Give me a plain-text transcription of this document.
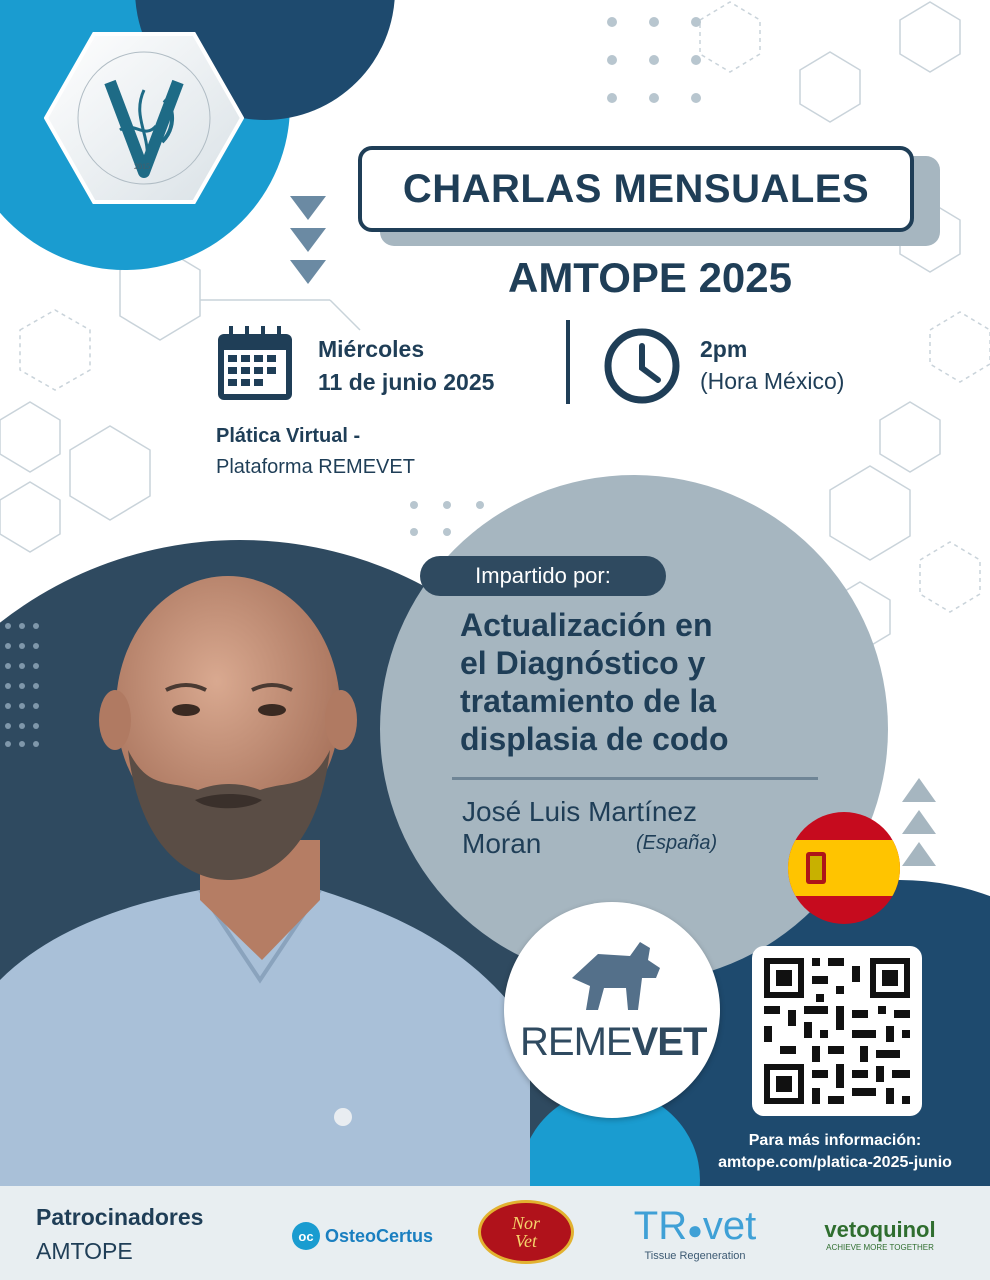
2015	CHARLAS MENSUALES
AMTOPE 2025
Miércoles
11 de junio 2025
2pm
(Hora México)
Plática Virtual -
Plataforma REMEVET
Impartido por:
Actualización en
el Diagnóstico y
tratamiento de la
displasia de codo
José Luis Martínez
Moran	(España)
REMEVET
Para más información:
amtope.com/platica-2025-junio
Patrocinadores
AMTOPE
oc OsteoCertus
Nor
Vet TR●vet
Tissue Regeneration
vetoquinol
ACHIEVE MORE TOGETHER
